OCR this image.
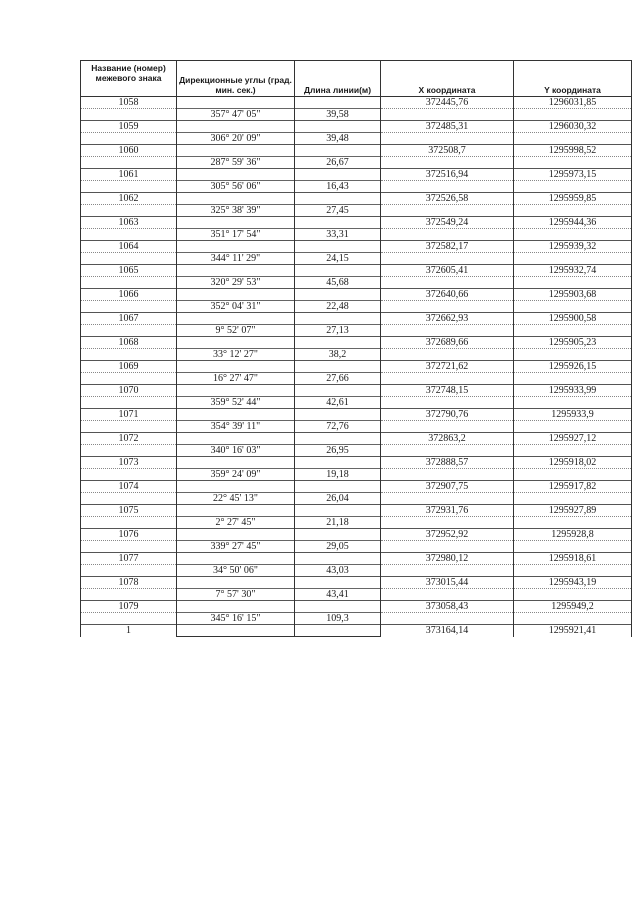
Название (номер) межевого знака	Дирекционные углы (град. мин. сек.)	Длина линии(м)	X координата	Y координата
1058			372445,76	1296031,85
	357° 47' 05"	39,58		
1059			372485,31	1296030,32
	306° 20' 09"	39,48		
1060			372508,7	1295998,52
	287° 59' 36"	26,67		
1061			372516,94	1295973,15
	305° 56' 06"	16,43		
1062			372526,58	1295959,85
	325° 38' 39"	27,45		
1063			372549,24	1295944,36
	351° 17' 54"	33,31		
1064			372582,17	1295939,32
	344° 11' 29"	24,15		
1065			372605,41	1295932,74
	320° 29' 53"	45,68		
1066			372640,66	1295903,68
	352° 04' 31"	22,48		
1067			372662,93	1295900,58
	9° 52' 07"	27,13		
1068			372689,66	1295905,23
	33° 12' 27"	38,2		
1069			372721,62	1295926,15
	16° 27' 47"	27,66		
1070			372748,15	1295933,99
	359° 52' 44"	42,61		
1071			372790,76	1295933,9
	354° 39' 11"	72,76		
1072			372863,2	1295927,12
	340° 16' 03"	26,95		
1073			372888,57	1295918,02
	359° 24' 09"	19,18		
1074			372907,75	1295917,82
	22° 45' 13"	26,04		
1075			372931,76	1295927,89
	2° 27' 45"	21,18		
1076			372952,92	1295928,8
	339° 27' 45"	29,05		
1077			372980,12	1295918,61
	34° 50' 06"	43,03		
1078			373015,44	1295943,19
	7° 57' 30"	43,41		
1079			373058,43	1295949,2
	345° 16' 15"	109,3		
1			373164,14	1295921,41
